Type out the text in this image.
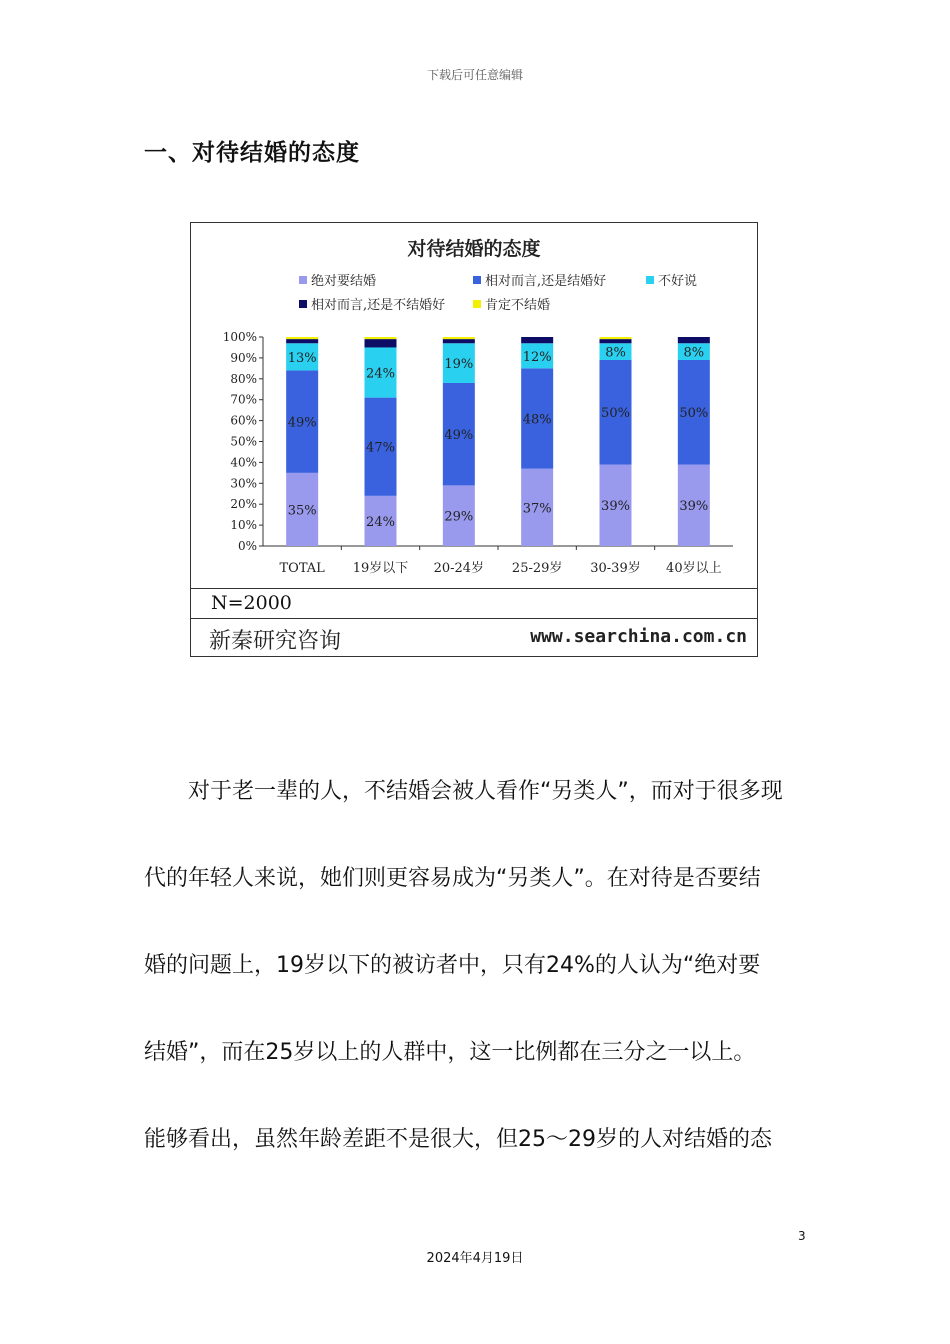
下载后可任意编辑
一、对待结婚的态度
对待结婚的态度
绝对要结婚	相对而言,还是结婚好	不好说
相对而言,还是不结婚好	肯定不结婚
0%
10%
20%
30%
40%
50%
60%
70%
80%
90%
100%
TOTAL
35%
49%
13%
19岁以下
24%
47%
24%
20-24岁
29%
49%
19%
25-29岁
37%
48%
12%
30-39岁
39%
50%
8%
40岁以上
39%
50%
8%
N=2000
新秦研究咨询	www.searchina.com.cn
　　对于老一辈的人，不结婚会被人看作“另类人”，而对于很多现
代的年轻人来说，她们则更容易成为“另类人”。在对待是否要结
婚的问题上，19岁以下的被访者中，只有24%的人认为“绝对要
结婚”，而在25岁以上的人群中，这一比例都在三分之一以上。
能够看出，虽然年龄差距不是很大，但25～29岁的人对结婚的态
3
2024年4月19日
